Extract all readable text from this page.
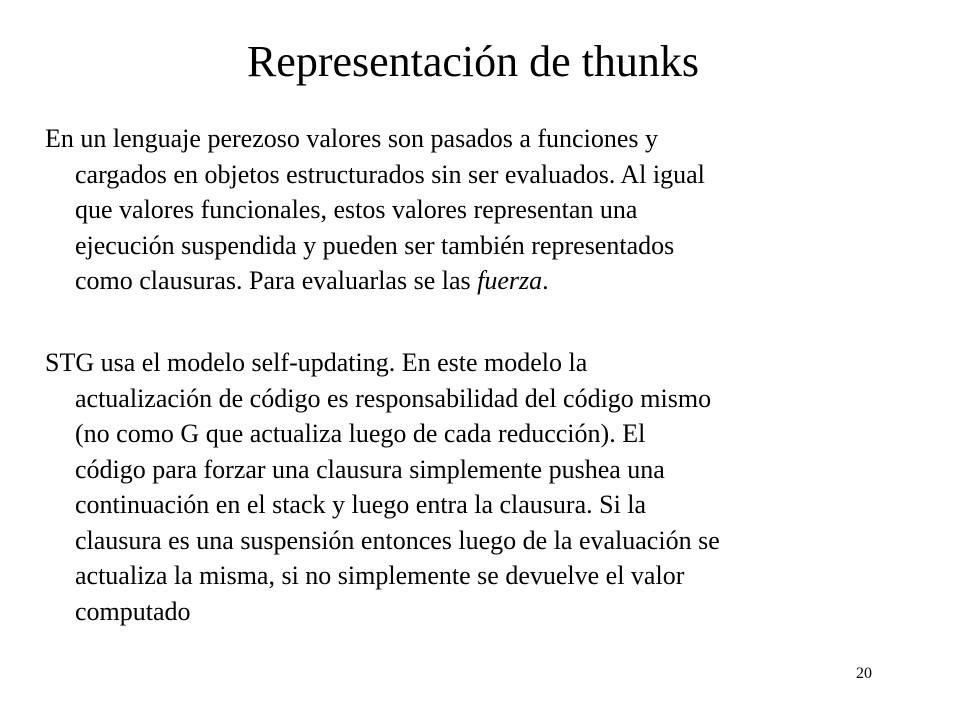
Representación de thunks

En un lenguaje perezoso valores son pasados a funciones y
cargados en objetos estructurados sin ser evaluados. Al igual
que valores funcionales, estos valores representan una
ejecución suspendida y pueden ser también representados
como clausuras. Para evaluarlas se las fuerza.

STG usa el modelo self-updating. En este modelo la
actualización de código es responsabilidad del código mismo
(no como G que actualiza luego de cada reducción). El
código para forzar una clausura simplemente pushea una
continuación en el stack y luego entra la clausura. Si la
clausura es una suspensión entonces luego de la evaluación se
actualiza la misma, si no simplemente se devuelve el valor
computado

20
